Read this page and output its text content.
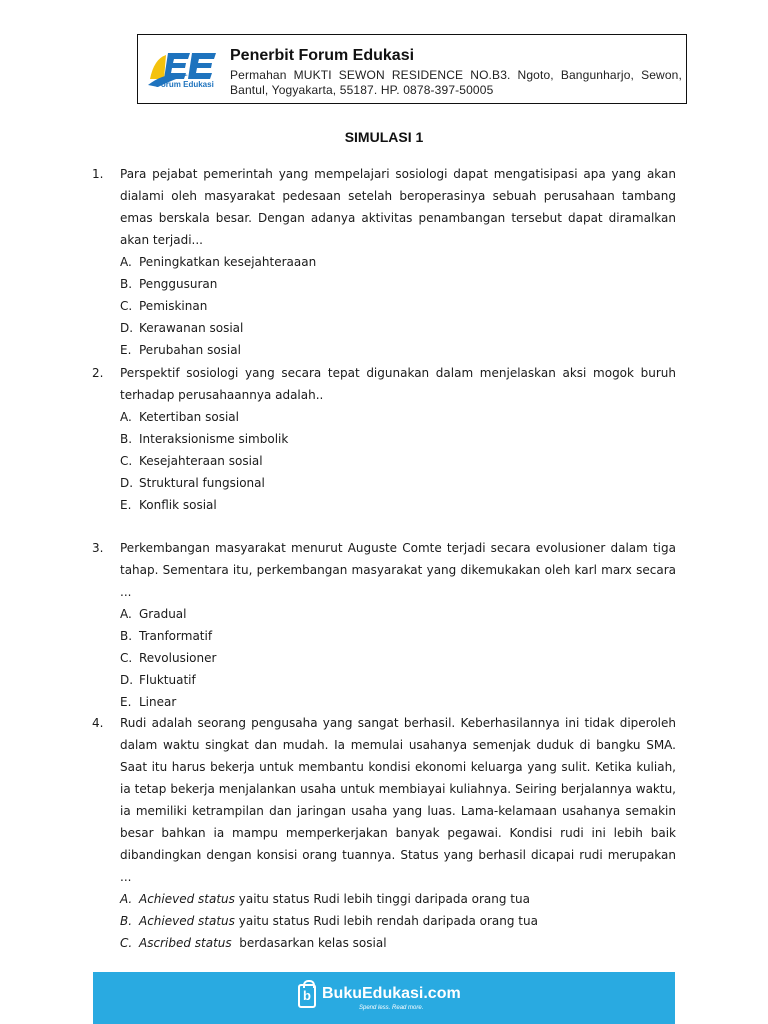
Forum Edukasi
Penerbit Forum Edukasi
Permahan MUKTI SEWON RESIDENCE NO.B3. Ngoto, Bangunharjo, Sewon,
Bantul, Yogyakarta, 55187. HP. 0878-397-50005
SIMULASI 1
1. Para pejabat pemerintah yang mempelajari sosiologi dapat mengatisipasi apa yang akan dialami oleh masyarakat pedesaan setelah beroperasinya sebuah perusahaan tambang emas berskala besar. Dengan adanya aktivitas penambangan tersebut dapat diramalkan akan terjadi...
A. Peningkatkan kesejahteraaan
B. Penggusuran
C. Pemiskinan
D. Kerawanan sosial
E. Perubahan sosial
2. Perspektif sosiologi yang secara tepat digunakan dalam menjelaskan aksi mogok buruh terhadap perusahaannya adalah..
A. Ketertiban sosial
B. Interaksionisme simbolik
C. Kesejahteraan sosial
D. Struktural fungsional
E. Konflik sosial
3. Perkembangan masyarakat menurut Auguste Comte terjadi secara evolusioner dalam tiga tahap. Sementara itu, perkembangan masyarakat yang dikemukakan oleh karl marx secara ...
A. Gradual
B. Tranformatif
C. Revolusioner
D. Fluktuatif
E. Linear
4. Rudi adalah seorang pengusaha yang sangat berhasil. Keberhasilannya ini tidak diperoleh dalam waktu singkat dan mudah. Ia memulai usahanya semenjak duduk di bangku SMA. Saat itu harus bekerja untuk membantu kondisi ekonomi keluarga yang sulit. Ketika kuliah, ia tetap bekerja menjalankan usaha untuk membiayai kuliahnya. Seiring berjalannya waktu, ia memiliki ketrampilan dan jaringan usaha yang luas. Lama-kelamaan usahanya semakin besar bahkan ia mampu memperkerjakan banyak pegawai. Kondisi rudi ini lebih baik dibandingkan dengan konsisi orang tuannya. Status yang berhasil dicapai rudi merupakan ...
A. Achieved status yaitu status Rudi lebih tinggi daripada orang tua
B. Achieved status yaitu status Rudi lebih rendah daripada orang tua
C. Ascribed status  berdasarkan kelas sosial
b
BukuEdukasi.com
Spend less. Read more.
